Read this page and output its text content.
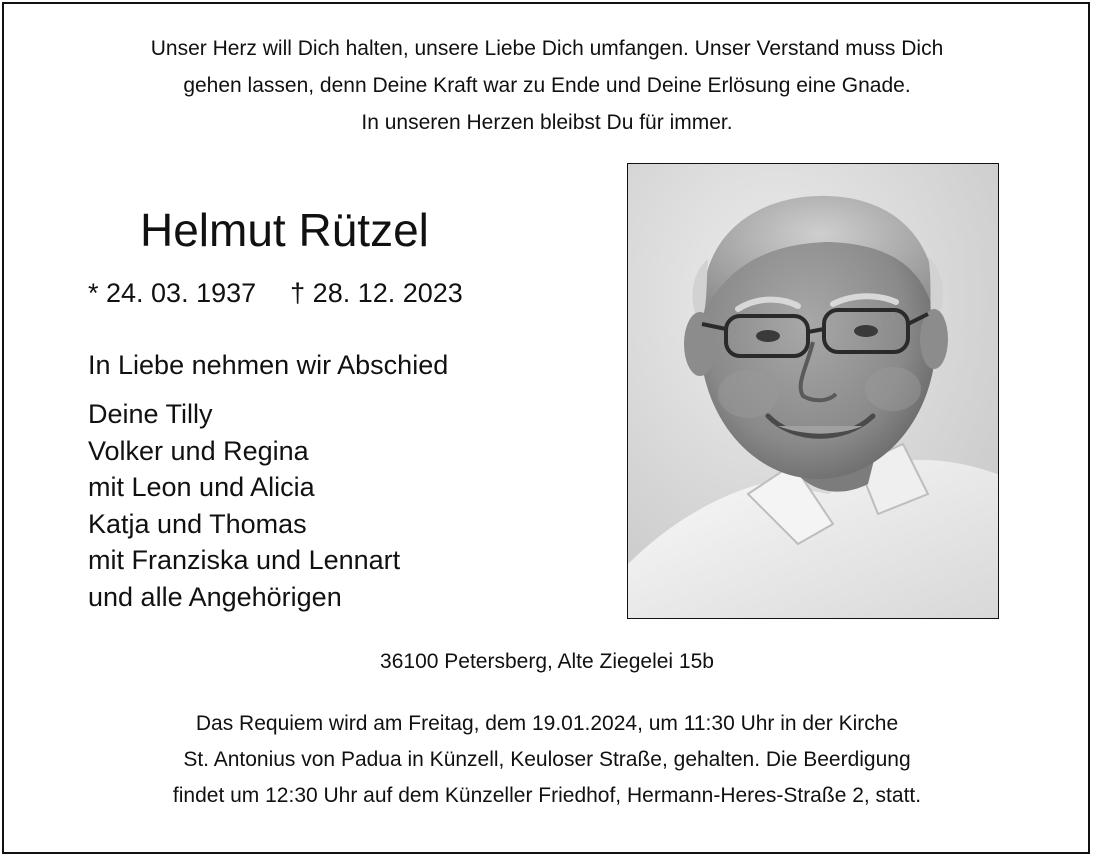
Unser Herz will Dich halten, unsere Liebe Dich umfangen. Unser Verstand muss Dich
gehen lassen, denn Deine Kraft war zu Ende und Deine Erlösung eine Gnade.
In unseren Herzen bleibst Du für immer.
Helmut Rützel
* 24. 03. 1937 † 28. 12. 2023
In Liebe nehmen wir Abschied
Deine Tilly
Volker und Regina
mit Leon und Alicia
Katja und Thomas
mit Franziska und Lennart
und alle Angehörigen
36100 Petersberg, Alte Ziegelei 15b
Das Requiem wird am Freitag, dem 19.01.2024, um 11:30 Uhr in der Kirche
St. Antonius von Padua in Künzell, Keuloser Straße, gehalten. Die Beerdigung
findet um 12:30 Uhr auf dem Künzeller Friedhof, Hermann-Heres-Straße 2, statt.
